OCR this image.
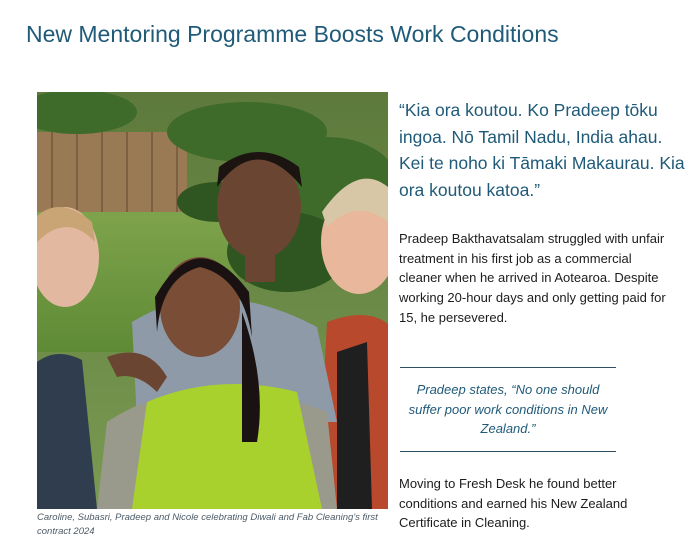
New Mentoring Programme Boosts Work Conditions
Caroline, Subasri, Pradeep and Nicole celebrating Diwali and Fab Cleaning's first contract 2024
“Kia ora koutou. Ko Pradeep tōku ingoa. Nō Tamil Nadu, India ahau. Kei te noho ki Tāmaki Makaurau. Kia ora koutou katoa.”
Pradeep Bakthavatsalam struggled with unfair treatment in his first job as a commercial cleaner when he arrived in Aotearoa. Despite working 20-hour days and only getting paid for 15, he persevered.
Pradeep states, “No one should suffer poor work conditions in New Zealand.”
Moving to Fresh Desk he found better conditions and earned his New Zealand Certificate in Cleaning.
